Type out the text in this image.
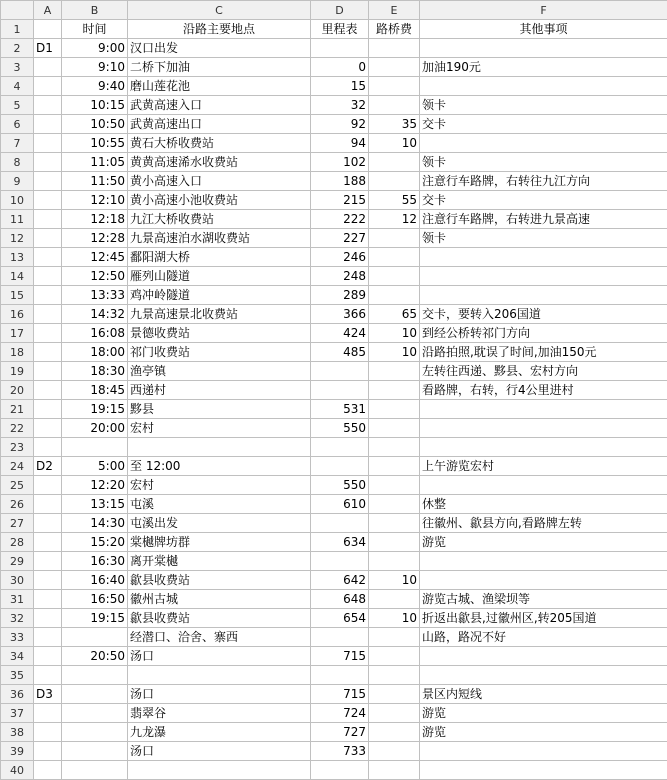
	A	B	C	D	E	F
1		时间	沿路主要地点	里程表	路桥费	其他事项
2	D1	9:00	汉口出发			
3		9:10	二桥下加油	0		加油190元
4		9:40	磨山莲花池	15		
5		10:15	武黄高速入口	32		领卡
6		10:50	武黄高速出口	92	35	交卡
7		10:55	黄石大桥收费站	94	10	
8		11:05	黄黄高速浠水收费站	102		领卡
9		11:50	黄小高速入口	188		注意行车路牌，右转往九江方向
10		12:10	黄小高速小池收费站	215	55	交卡
11		12:18	九江大桥收费站	222	12	注意行车路牌，右转进九景高速
12		12:28	九景高速泊水湖收费站	227		领卡
13		12:45	鄱阳湖大桥	246		
14		12:50	雁列山隧道	248		
15		13:33	鸡冲岭隧道	289		
16		14:32	九景高速景北收费站	366	65	交卡，要转入206国道
17		16:08	景德收费站	424	10	到经公桥转祁门方向
18		18:00	祁门收费站	485	10	沿路拍照,耽误了时间,加油150元
19		18:30	渔亭镇			左转往西递、黟县、宏村方向
20		18:45	西递村			看路牌，右转，行4公里进村
21		19:15	黟县	531		
22		20:00	宏村	550		
23						
24	D2	5:00	至 12:00			上午游览宏村
25		12:20	宏村	550		
26		13:15	屯溪	610		休整
27		14:30	屯溪出发			往徽州、歙县方向,看路牌左转
28		15:20	棠樾牌坊群	634		游览
29		16:30	离开棠樾			
30		16:40	歙县收费站	642	10	
31		16:50	徽州古城	648		游览古城、渔梁坝等
32		19:15	歙县收费站	654	10	折返出歙县,过徽州区,转205国道
33			经潜口、洽舍、寨西			山路，路况不好
34		20:50	汤口	715		
35						
36	D3		汤口	715		景区内短线
37			翡翠谷	724		游览
38			九龙瀑	727		游览
39			汤口	733		
40						
